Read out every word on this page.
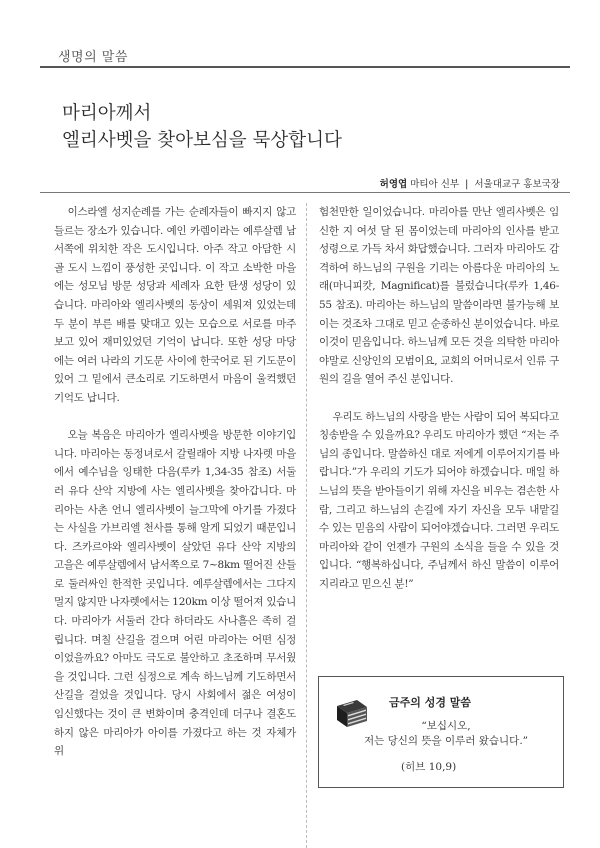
생명의 말씀
마리아께서
엘리사벳을 찾아보심을 묵상합니다
허영엽 마티아 신부 | 서울대교구 홍보국장

이스라엘 성지순례를 가는 순례자들이 빠지지 않고 들르는 장소가 있습니다. 예인 카렘이라는 예루살렘 남서쪽에 위치한 작은 도시입니다. 아주 작고 아담한 시골 도시 느낌이 풍성한 곳입니다. 이 작고 소박한 마을에는 성모님 방문 성당과 세례자 요한 탄생 성당이 있습니다. 마리아와 엘리사벳의 동상이 세워져 있었는데 두 분이 부른 배를 맞대고 있는 모습으로 서로를 마주 보고 있어 재미있었던 기억이 납니다. 또한 성당 마당에는 여러 나라의 기도문 사이에 한국어로 된 기도문이 있어 그 밑에서 큰소리로 기도하면서 마음이 울컥했던 기억도 납니다.

오늘 복음은 마리아가 엘리사벳을 방문한 이야기입니다. 마리아는 동정녀로서 갈릴래아 지방 나자렛 마을에서 예수님을 잉태한 다음(루카 1,34-35 참조) 서둘러 유다 산악 지방에 사는 엘리사벳을 찾아갑니다. 마리아는 사촌 언니 엘리사벳이 늘그막에 아기를 가졌다는 사실을 가브리엘 천사를 통해 알게 되었기 때문입니다. 즈카르야와 엘리사벳이 살았던 유다 산악 지방의 고을은 예루살렘에서 남서쪽으로 7~8km 떨어진 산들로 둘러싸인 한적한 곳입니다. 예루살렘에서는 그다지 멀지 않지만 나자렛에서는 120km 이상 떨어져 있습니다. 마리아가 서둘러 간다 하더라도 사나흘은 족히 걸립니다. 며칠 산길을 걸으며 어린 마리아는 어떤 심정이었을까요? 아마도 극도로 불안하고 초조하며 무서웠을 것입니다. 그런 심정으로 계속 하느님께 기도하면서 산길을 걸었을 것입니다. 당시 사회에서 젊은 여성이 임신했다는 것이 큰 변화이며 충격인데 더구나 결혼도 하지 않은 마리아가 아이를 가졌다고 하는 것 자체가 위

험천만한 일이었습니다. 마리아를 만난 엘리사벳은 임신한 지 여섯 달 된 몸이었는데 마리아의 인사를 받고 성령으로 가득 차서 화답했습니다. 그러자 마리아도 감격하여 하느님의 구원을 기리는 아름다운 마리아의 노래(마니피캇, Magnificat)를 불렀습니다(루카 1,46-55 참조). 마리아는 하느님의 말씀이라면 불가능해 보이는 것조차 그대로 믿고 순종하신 분이었습니다. 바로 이것이 믿음입니다. 하느님께 모든 것을 의탁한 마리아야말로 신앙인의 모범이요, 교회의 어머니로서 인류 구원의 길을 열어 주신 분입니다.

우리도 하느님의 사랑을 받는 사람이 되어 복되다고 칭송받을 수 있을까요? 우리도 마리아가 했던 “저는 주님의 종입니다. 말씀하신 대로 저에게 이루어지기를 바랍니다.”가 우리의 기도가 되어야 하겠습니다. 매일 하느님의 뜻을 받아들이기 위해 자신을 비우는 겸손한 사람, 그리고 하느님의 손길에 자기 자신을 모두 내맡길 수 있는 믿음의 사람이 되어야겠습니다. 그러면 우리도 마리아와 같이 언젠가 구원의 소식을 들을 수 있을 것입니다. “행복하십니다, 주님께서 하신 말씀이 이루어지리라고 믿으신 분!”

금주의 성경 말씀
“보십시오,
저는 당신의 뜻을 이루러 왔습니다.”
(히브 10,9)
